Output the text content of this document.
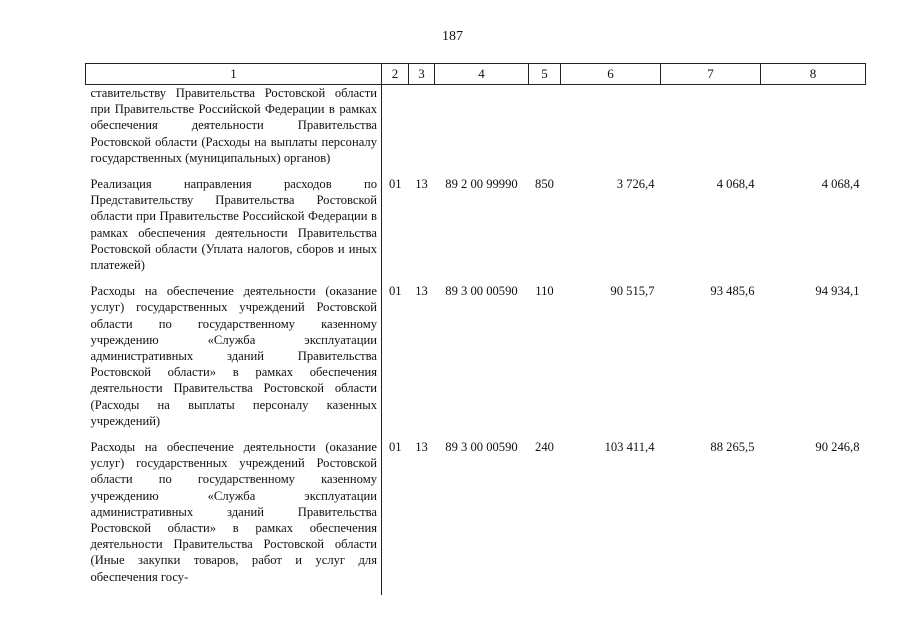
187
1	2	3	4	5	6	7	8
ставительству Правительства Ростовской области при Правительстве Российской Федерации в рамках обеспечения деятельности Правительства Ростовской области (Расходы на выплаты персоналу государственных (муниципальных) органов)							
Реализация направления расходов по Представительству Правительства Ростовской области при Правительстве Российской Федерации в рамках обеспечения деятельности Правительства Ростовской области (Уплата налогов, сборов и иных платежей)	01	13	89 2 00 99990	850	3 726,4	4 068,4	4 068,4
Расходы на обеспечение деятельности (оказание услуг) государственных учреждений Ростовской области по государственному казенному учреждению «Служба эксплуатации административных зданий Правительства Ростовской области» в рамках обеспечения деятельности Правительства Ростовской области (Расходы на выплаты персоналу казенных учреждений)	01	13	89 3 00 00590	110	90 515,7	93 485,6	94 934,1
Расходы на обеспечение деятельности (оказание услуг) государственных учреждений Ростовской области по государственному казенному учреждению «Служба эксплуатации административных зданий Правительства Ростовской области» в рамках обеспечения деятельности Правительства Ростовской области (Иные закупки товаров, работ и услуг для обеспечения госу-	01	13	89 3 00 00590	240	103 411,4	88 265,5	90 246,8
